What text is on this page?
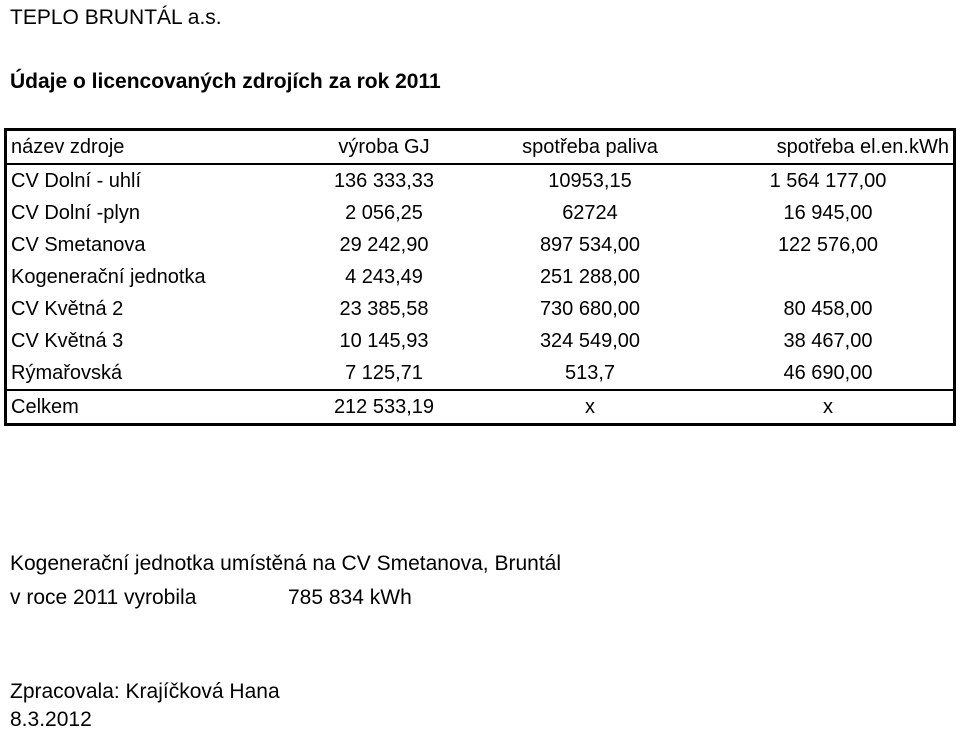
TEPLO BRUNTÁL a.s.
Údaje o licencovaných zdrojích za rok 2011
název zdroje	výroba GJ	spotřeba paliva	spotřeba el.en.kWh
CV Dolní - uhlí	136 333,33	10953,15	1 564 177,00
CV Dolní -plyn	2 056,25	62724	16 945,00
CV Smetanova	29 242,90	897 534,00	122 576,00
Kogenerační jednotka	4 243,49	251 288,00
CV Květná 2	23 385,58	730 680,00	80 458,00
CV Květná 3	10 145,93	324 549,00	38 467,00
Rýmařovská	7 125,71	513,7	46 690,00
Celkem	212 533,19	x	x
Kogenerační jednotka umístěná na CV Smetanova, Bruntál
v roce 2011 vyrobila	785 834 kWh
Zpracovala: Krajíčková Hana
8.3.2012
